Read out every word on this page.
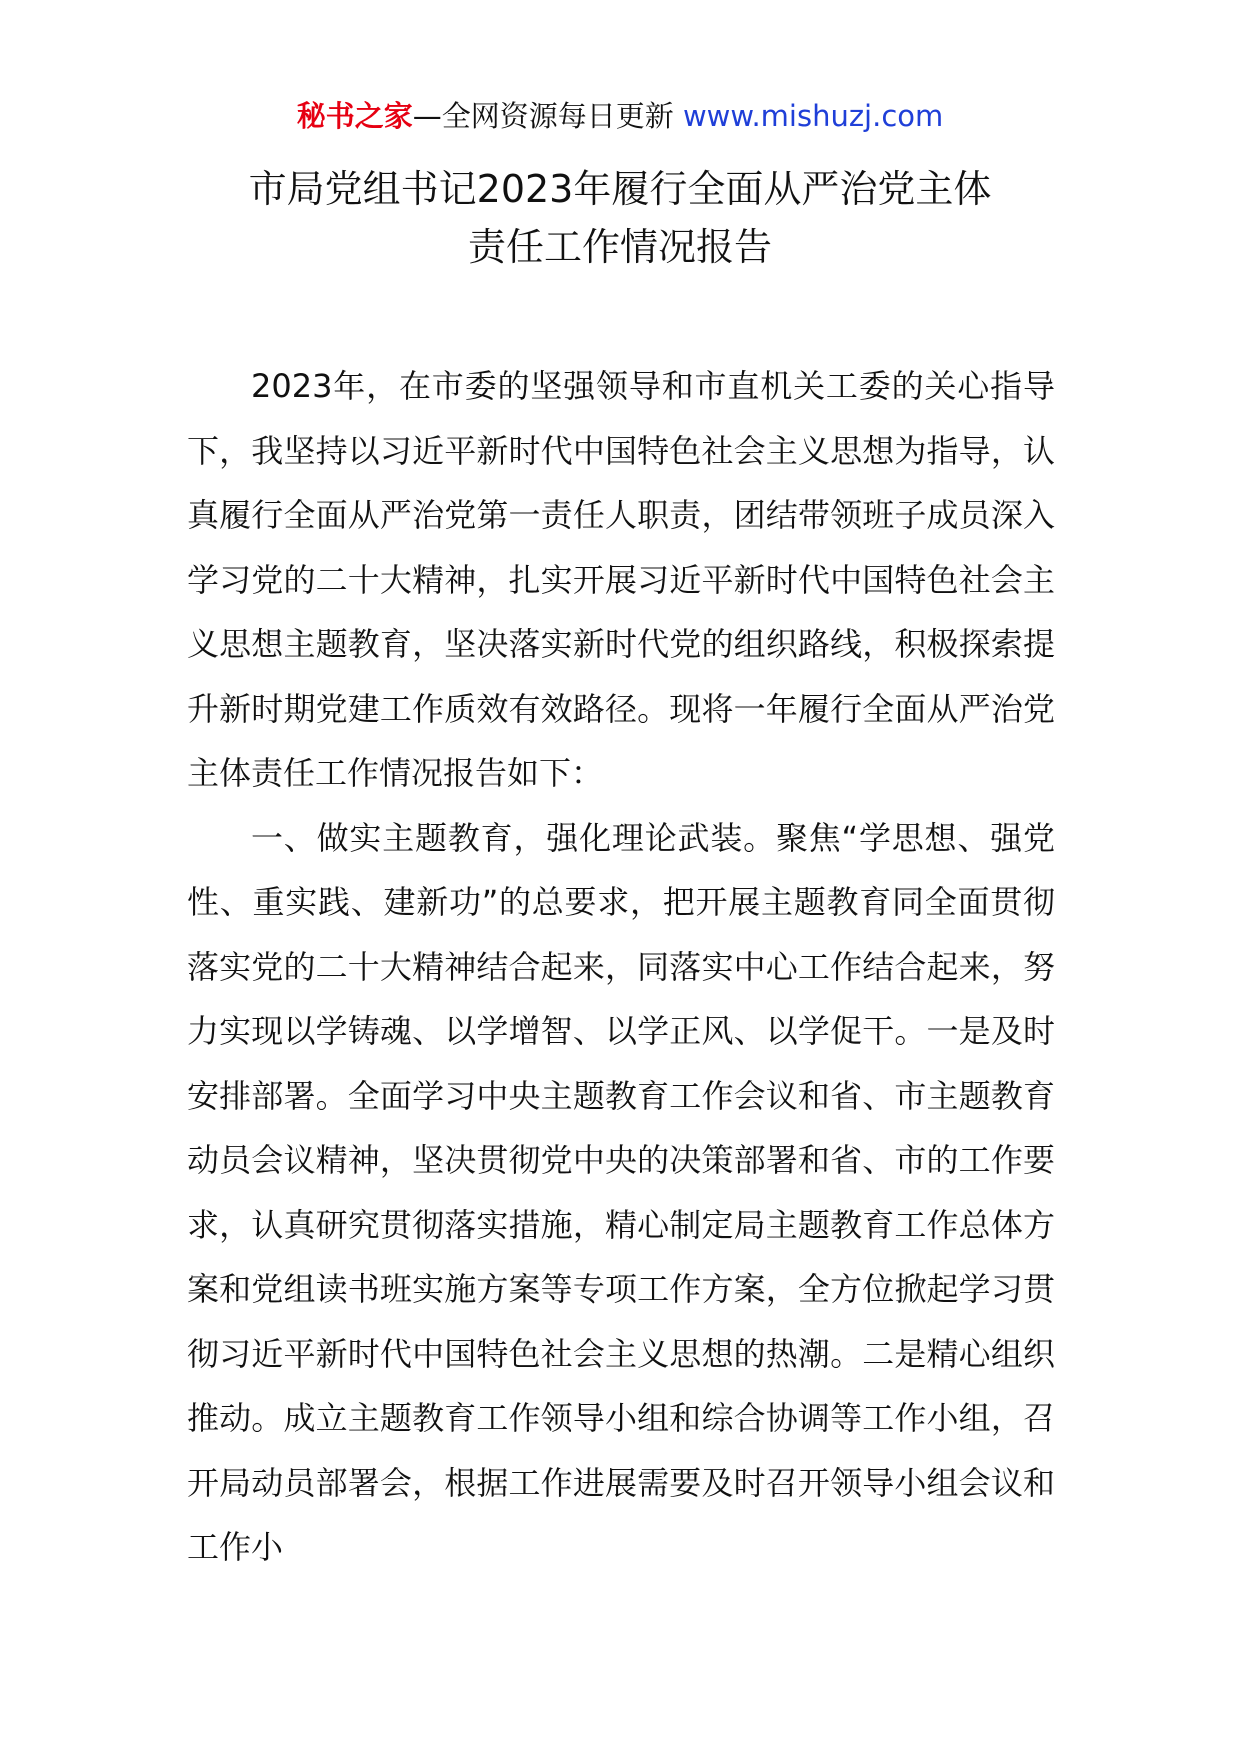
秘书之家—全网资源每日更新 www.mishuzj.com
市局党组书记2023年履行全面从严治党主体
责任工作情况报告

2023年，在市委的坚强领导和市直机关工委的关心指导下，我坚持以习近平新时代中国特色社会主义思想为指导，认真履行全面从严治党第一责任人职责，团结带领班子成员深入学习党的二十大精神，扎实开展习近平新时代中国特色社会主义思想主题教育，坚决落实新时代党的组织路线，积极探索提升新时期党建工作质效有效路径。现将一年履行全面从严治党主体责任工作情况报告如下：

一、做实主题教育，强化理论武装。聚焦“学思想、强党性、重实践、建新功”的总要求，把开展主题教育同全面贯彻落实党的二十大精神结合起来，同落实中心工作结合起来，努力实现以学铸魂、以学增智、以学正风、以学促干。一是及时安排部署。全面学习中央主题教育工作会议和省、市主题教育动员会议精神，坚决贯彻党中央的决策部署和省、市的工作要求，认真研究贯彻落实措施，精心制定局主题教育工作总体方案和党组读书班实施方案等专项工作方案，全方位掀起学习贯彻习近平新时代中国特色社会主义思想的热潮。二是精心组织推动。成立主题教育工作领导小组和综合协调等工作小组，召开局动员部署会，根据工作进展需要及时召开领导小组会议和工作小
